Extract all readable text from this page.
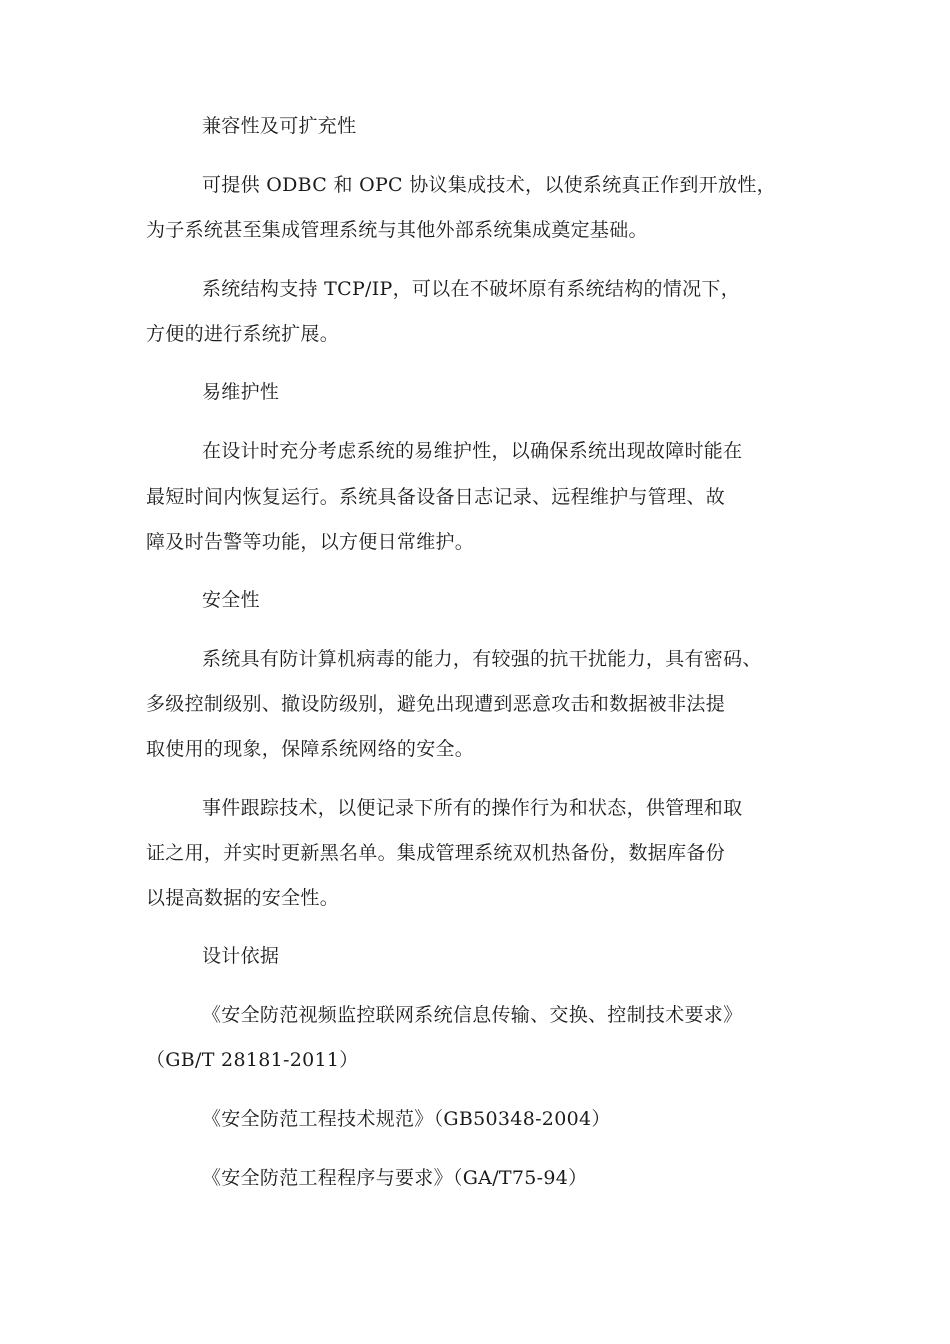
兼容性及可扩充性
可提供 ODBC 和 OPC 协议集成技术，以使系统真正作到开放性，
为子系统甚至集成管理系统与其他外部系统集成奠定基础。
系统结构支持 TCP/IP，可以在不破坏原有系统结构的情况下，
方便的进行系统扩展。
易维护性
在设计时充分考虑系统的易维护性，以确保系统出现故障时能在
最短时间内恢复运行。系统具备设备日志记录、远程维护与管理、故
障及时告警等功能，以方便日常维护。
安全性
系统具有防计算机病毒的能力，有较强的抗干扰能力，具有密码、
多级控制级别、撤设防级别，避免出现遭到恶意攻击和数据被非法提
取使用的现象，保障系统网络的安全。
事件跟踪技术，以便记录下所有的操作行为和状态，供管理和取
证之用，并实时更新黑名单。集成管理系统双机热备份，数据库备份
以提高数据的安全性。
设计依据
《安全防范视频监控联网系统信息传输、交换、控制技术要求》
（GB/T 28181-2011）
《安全防范工程技术规范》（GB50348-2004）
《安全防范工程程序与要求》（GA/T75-94）
